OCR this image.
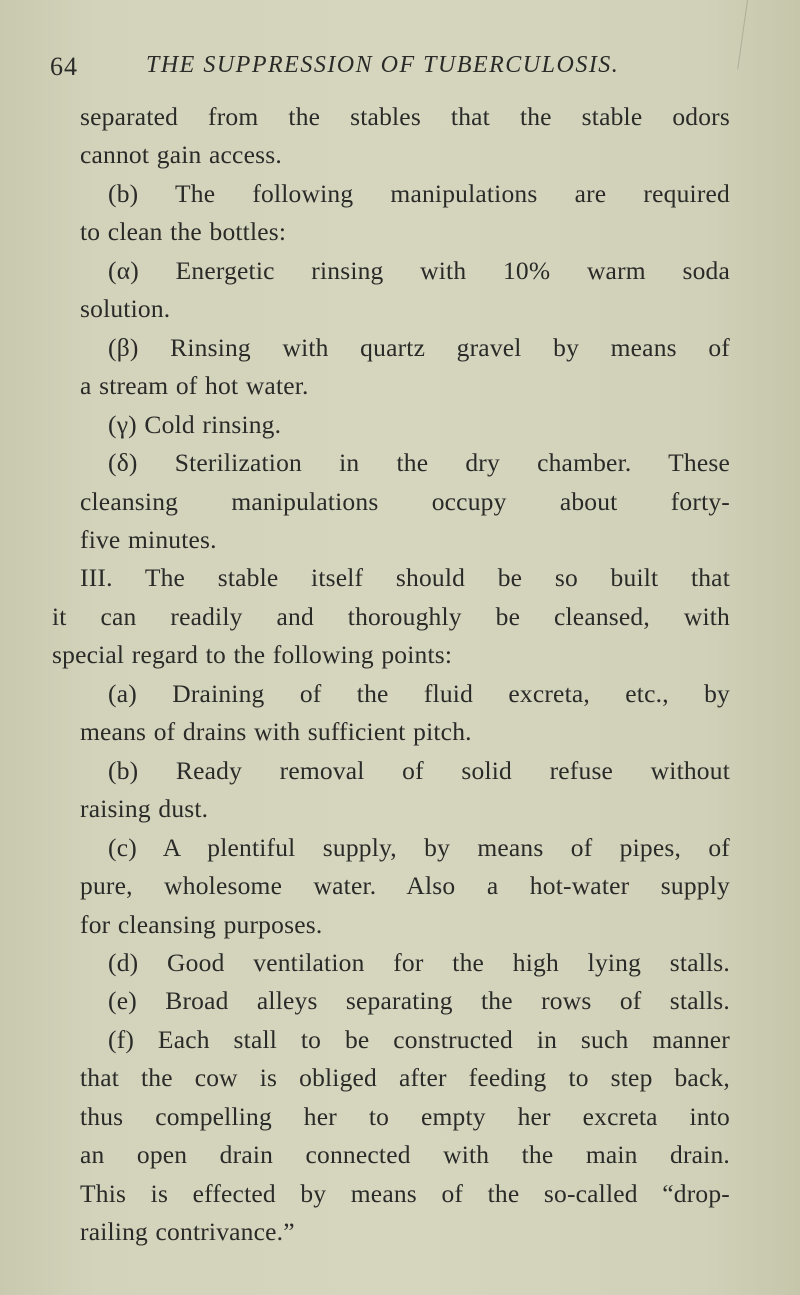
64	THE SUPPRESSION OF TUBERCULOSIS.
separated from the stables that the stable odors
cannot gain access.
(b) The following manipulations are required
to clean the bottles:
(α) Energetic rinsing with 10% warm soda
solution.
(β) Rinsing with quartz gravel by means of
a stream of hot water.
(γ) Cold rinsing.
(δ) Sterilization in the dry chamber. These
cleansing manipulations occupy about forty-
five minutes.
III. The stable itself should be so built that
it can readily and thoroughly be cleansed, with
special regard to the following points:
(a) Draining of the fluid excreta, etc., by
means of drains with sufficient pitch.
(b) Ready removal of solid refuse without
raising dust.
(c) A plentiful supply, by means of pipes, of
pure, wholesome water. Also a hot-water supply
for cleansing purposes.
(d) Good ventilation for the high lying stalls.
(e) Broad alleys separating the rows of stalls.
(f) Each stall to be constructed in such manner
that the cow is obliged after feeding to step back,
thus compelling her to empty her excreta into
an open drain connected with the main drain.
This is effected by means of the so-called “drop-
railing contrivance.”
